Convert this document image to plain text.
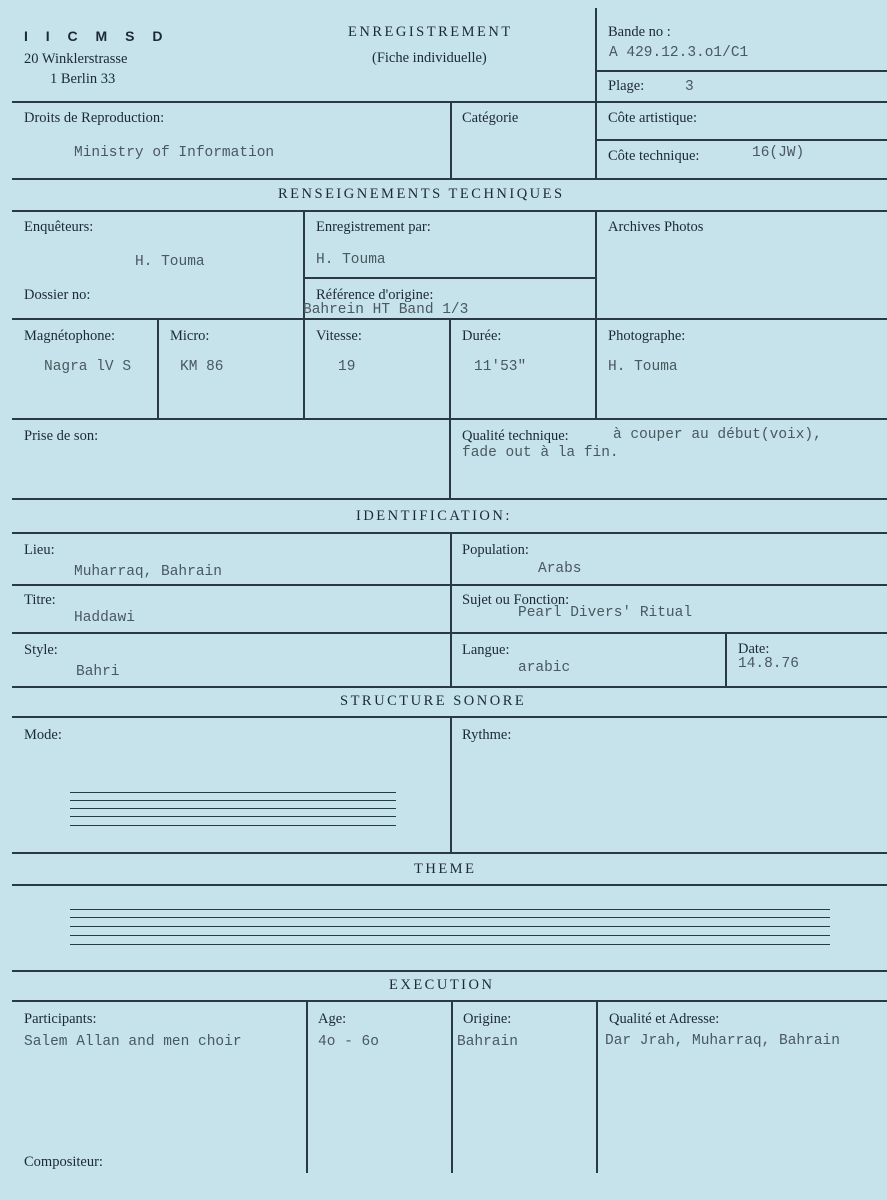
I I C M S D
20 Winklerstrasse
1 Berlin 33
ENREGISTREMENT
(Fiche individuelle)
Bande no :
A 429.12.3.o1/C1
Plage:	3
Droits de Reproduction:
Ministry of Information
Catégorie	Côte artistique:
Côte technique:	16(JW)
RENSEIGNEMENTS TECHNIQUES
Enquêteurs:
H. Touma
Enregistrement par:
H. Touma
Archives Photos
Dossier no:	Référence d'origine:
Bahrein HT Band 1/3
Magnétophone:
Nagra lV S
Micro:
KM 86
Vitesse:
19
Durée:
11'53"
Photographe:
H. Touma
Prise de son:	Qualité technique:	à couper au début(voix),
fade out à la fin.
IDENTIFICATION:
Lieu:
Muharraq, Bahrain
Population:
Arabs
Titre:
Haddawi
Sujet ou Fonction:
Pearl Divers' Ritual
Style:
Bahri
Langue:
arabic
Date:
14.8.76
STRUCTURE SONORE
Mode:	Rythme:
THEME
EXECUTION
Participants:
Salem Allan and men choir
Age:
4o - 6o
Origine:
Bahrain
Qualité et Adresse:
Dar Jrah, Muharraq, Bahrain
Compositeur:
